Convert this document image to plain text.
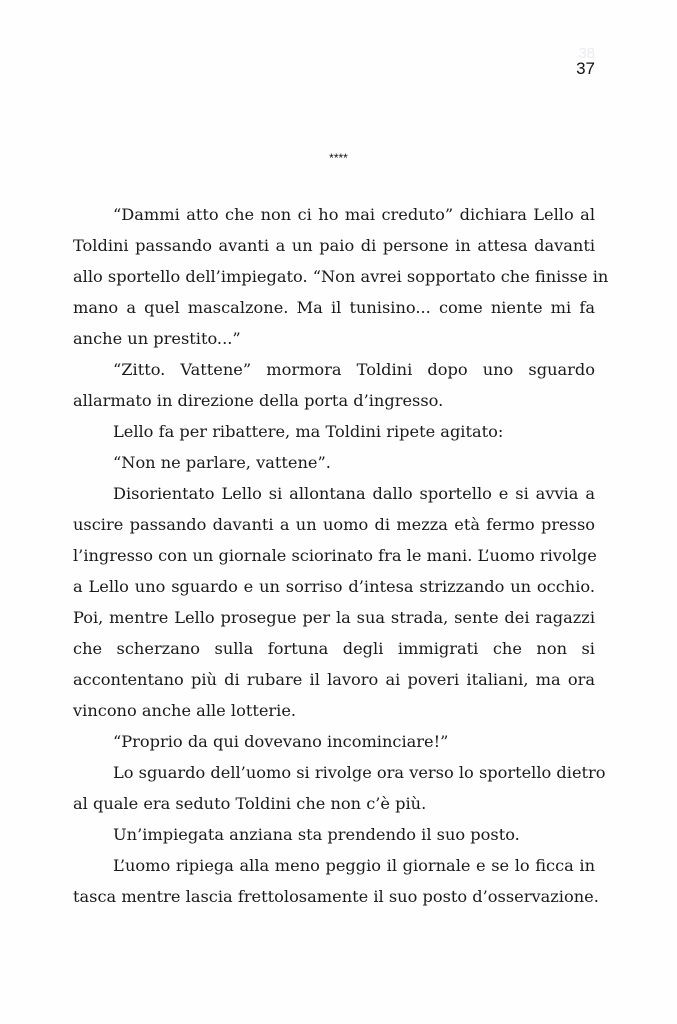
38
37
****
“Dammi atto che non ci ho mai creduto” dichiara Lello al
Toldini passando avanti a un paio di persone in attesa davanti
allo sportello dell’impiegato. “Non avrei sopportato che finisse in
mano a quel mascalzone. Ma il tunisino... come niente mi fa
anche un prestito...”
“Zitto. Vattene” mormora Toldini dopo uno sguardo
allarmato in direzione della porta d’ingresso.
Lello fa per ribattere, ma Toldini ripete agitato:
“Non ne parlare, vattene”.
Disorientato Lello si allontana dallo sportello e si avvia a
uscire passando davanti a un uomo di mezza età fermo presso
l’ingresso con un giornale sciorinato fra le mani. L’uomo rivolge
a Lello uno sguardo e un sorriso d’intesa strizzando un occhio.
Poi, mentre Lello prosegue per la sua strada, sente dei ragazzi
che scherzano sulla fortuna degli immigrati che non si
accontentano più di rubare il lavoro ai poveri italiani, ma ora
vincono anche alle lotterie.
“Proprio da qui dovevano incominciare!”
Lo sguardo dell’uomo si rivolge ora verso lo sportello dietro
al quale era seduto Toldini che non c’è più.
Un’impiegata anziana sta prendendo il suo posto.
L’uomo ripiega alla meno peggio il giornale e se lo ficca in
tasca mentre lascia frettolosamente il suo posto d’osservazione.
